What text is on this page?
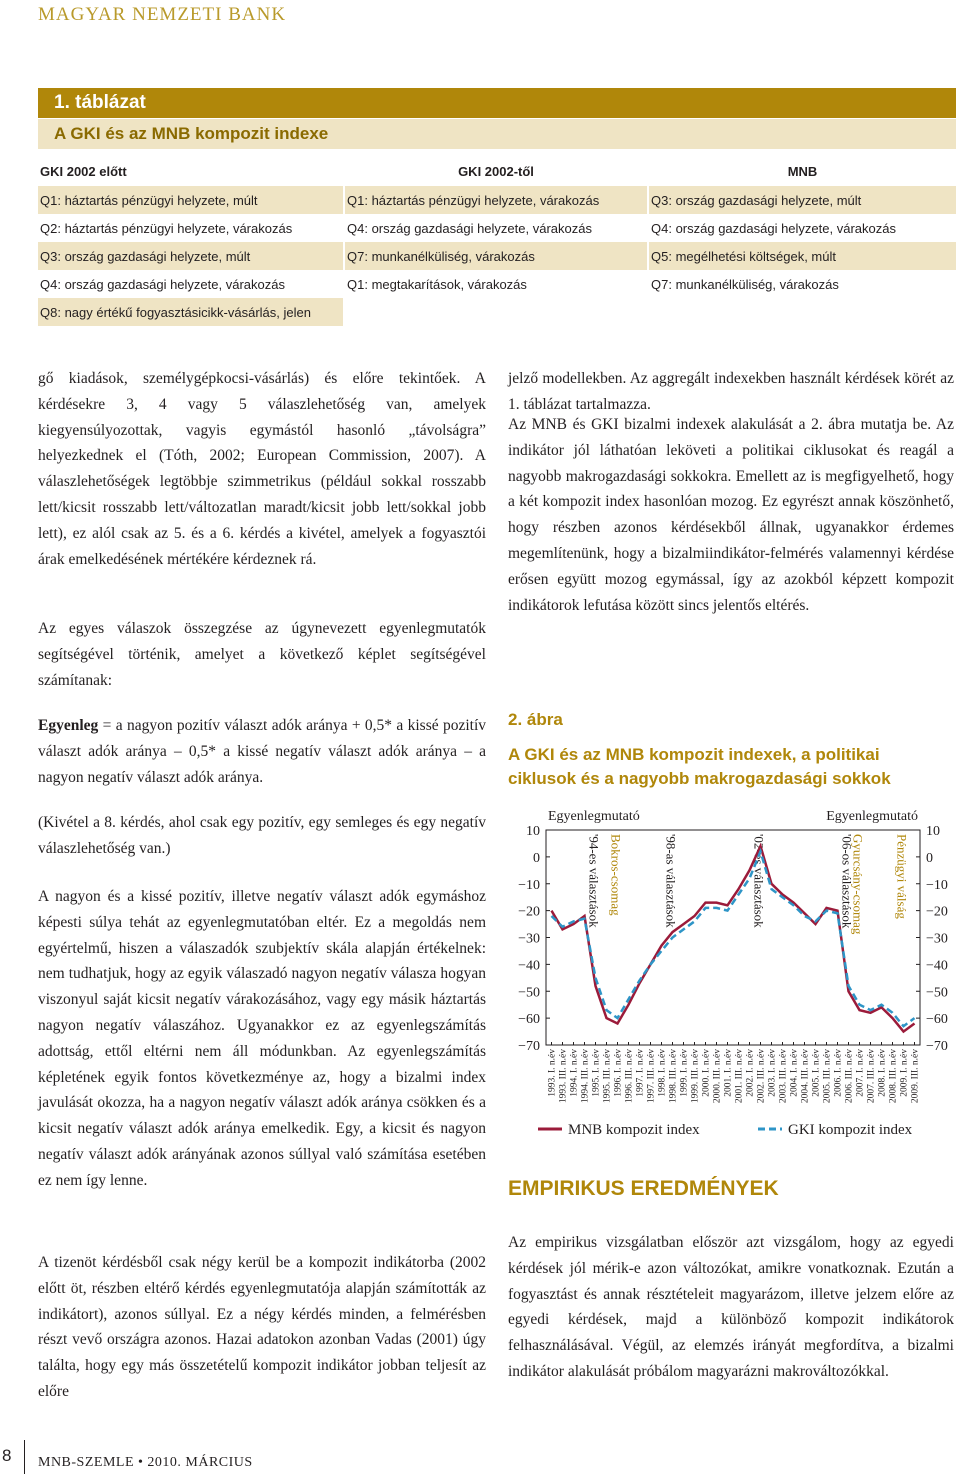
MAGYAR NEMZETI BANK
1. táblázat
A GKI és az MNB kompozit indexe
GKI 2002 előtt	GKI 2002-től	MNB
Q1: háztartás pénzügyi helyzete, múlt	Q1: háztartás pénzügyi helyzete, várakozás	Q3: ország gazdasági helyzete, múlt
Q2: háztartás pénzügyi helyzete, várakozás	Q4: ország gazdasági helyzete, várakozás	Q4: ország gazdasági helyzete, várakozás
Q3: ország gazdasági helyzete, múlt	Q7: munkanélküliség, várakozás	Q5: megélhetési költségek, múlt
Q4: ország gazdasági helyzete, várakozás	Q1: megtakarítások, várakozás	Q7: munkanélküliség, várakozás
Q8: nagy értékű fogyasztásicikk-vásárlás, jelen		

gő kiadások, személygépkocsi-vásárlás) és előre tekintőek. A kérdésekre 3, 4 vagy 5 válaszlehetőség van, amelyek kiegyensúlyozottak, vagyis egymástól hasonló „távolságra” helyezkednek el (Tóth, 2002; European Commission, 2007). A válaszlehetőségek legtöbbje szimmetrikus (például sokkal rosszabb lett/kicsit rosszabb lett/változatlan maradt/kicsit jobb lett/sokkal jobb lett), ez alól csak az 5. és a 6. kérdés a kivétel, amelyek a fogyasztói árak emelkedésének mértékére kérdeznek rá.

Az egyes válaszok összegzése az úgynevezett egyenlegmutatók segítségével történik, amelyet a következő képlet segítségével számítanak:

Egyenleg = a nagyon pozitív választ adók aránya + 0,5* a kissé pozitív választ adók aránya – 0,5* a kissé negatív választ adók aránya – a nagyon negatív választ adók aránya.

(Kivétel a 8. kérdés, ahol csak egy pozitív, egy semleges és egy negatív válaszlehetőség van.)

A nagyon és a kissé pozitív, illetve negatív választ adók egymáshoz képesti súlya tehát az egyenlegmutatóban eltér. Ez a megoldás nem egyértelmű, hiszen a válaszadók szubjektív skála alapján értékelnek: nem tudhatjuk, hogy az egyik válaszadó nagyon negatív válasza hogyan viszonyul saját kicsit negatív várakozásához, vagy egy másik háztartás nagyon negatív válaszához. Ugyanakkor ez az egyenlegszámítás adottság, ettől eltérni nem áll módunkban. Az egyenlegszámítás képletének egyik fontos következménye az, hogy a bizalmi index javulását okozza, ha a nagyon negatív választ adók aránya csökken és a kicsit negatív választ adók aránya emelkedik. Egy, a kicsit és nagyon negatív választ adók arányának azonos súllyal való számítása esetében ez nem így lenne.

A tizenöt kérdésből csak négy kerül be a kompozit indikátorba (2002 előtt öt, részben eltérő kérdés egyenlegmutatója alapján számították az indikátort), azonos súllyal. Ez a négy kérdés minden, a felmérésben részt vevő országra azonos. Hazai adatokon azonban Vadas (2001) úgy találta, hogy egy más összetételű kompozit indikátor jobban teljesít az előre

jelző modellekben. Az aggregált indexekben használt kérdések körét az 1. táblázat tartalmazza.

Az MNB és GKI bizalmi indexek alakulását a 2. ábra mutatja be. Az indikátor jól láthatóan leköveti a politikai ciklusokat és reagál a nagyobb makrogazdasági sokkokra. Emellett az is megfigyelhető, hogy a két kompozit index hasonlóan mozog. Ez egyrészt annak köszönhető, hogy részben azonos kérdésekből állnak, ugyanakkor érdemes megemlítenünk, hogy a bizalmiindikátor-felmérés valamennyi kérdése erősen együtt mozog egymással, így az azokból képzett kompozit indikátorok lefutása között sincs jelentős eltérés.

2. ábra
A GKI és az MNB kompozit indexek, a politikai ciklusok és a nagyobb makrogazdasági sokkok
10	10
0	0
−10	−10
−20	−20
−30	−30
−40	−40
−50	−50
−60	−60
−70	−70
Egyenlegmutató	Egyenlegmutató
1993. I. n.év 1993. III. n.év 1994. I. n.év 1994. III. n.év 1995. I. n.év 1995. III. n.év 1996. I. n.év 1996. III. n.év 1997. I. n.év 1997. III. n.év 1998. I. n.év 1998. III. n.év 1999. I. n.év 1999. III. n.év 2000. I. n.év 2000. III. n.év 2001. I. n.év 2001. III. n.év 2002. I. n.év 2002. III. n.év 2003. I. n.év 2003. III. n.év 2004. I. n.év 2004. III. n.év 2005. I. n.év 2005. III. n.év 2006. I. n.év 2006. III. n.év 2007. I. n.év 2007. III. n.év 2008. I. n.év 2008. III. n.év 2009. I. n.év 2009. III. n.év
'94-es választások Bokros-csomag	'98-as választások	'02-es választások	'06-os választások
Gyurcsány-csomag Pénzügyi válság
MNB kompozit index	GKI kompozit index
EMPIRIKUS EREDMÉNYEK

Az empirikus vizsgálatban először azt vizsgálom, hogy az egyedi kérdések jól mérik-e azon változókat, amikre vonatkoznak. Ezután a fogyasztást és annak résztételeit magyarázom, illetve jelzem előre az egyedi kérdések, majd a különböző kompozit indikátorok felhasználásával. Végül, az elemzés irányát megfordítva, a bizalmi indikátor alakulását próbálom magyarázni makrováltozókkal.

8 MNB-SZEMLE • 2010. MÁRCIUS
